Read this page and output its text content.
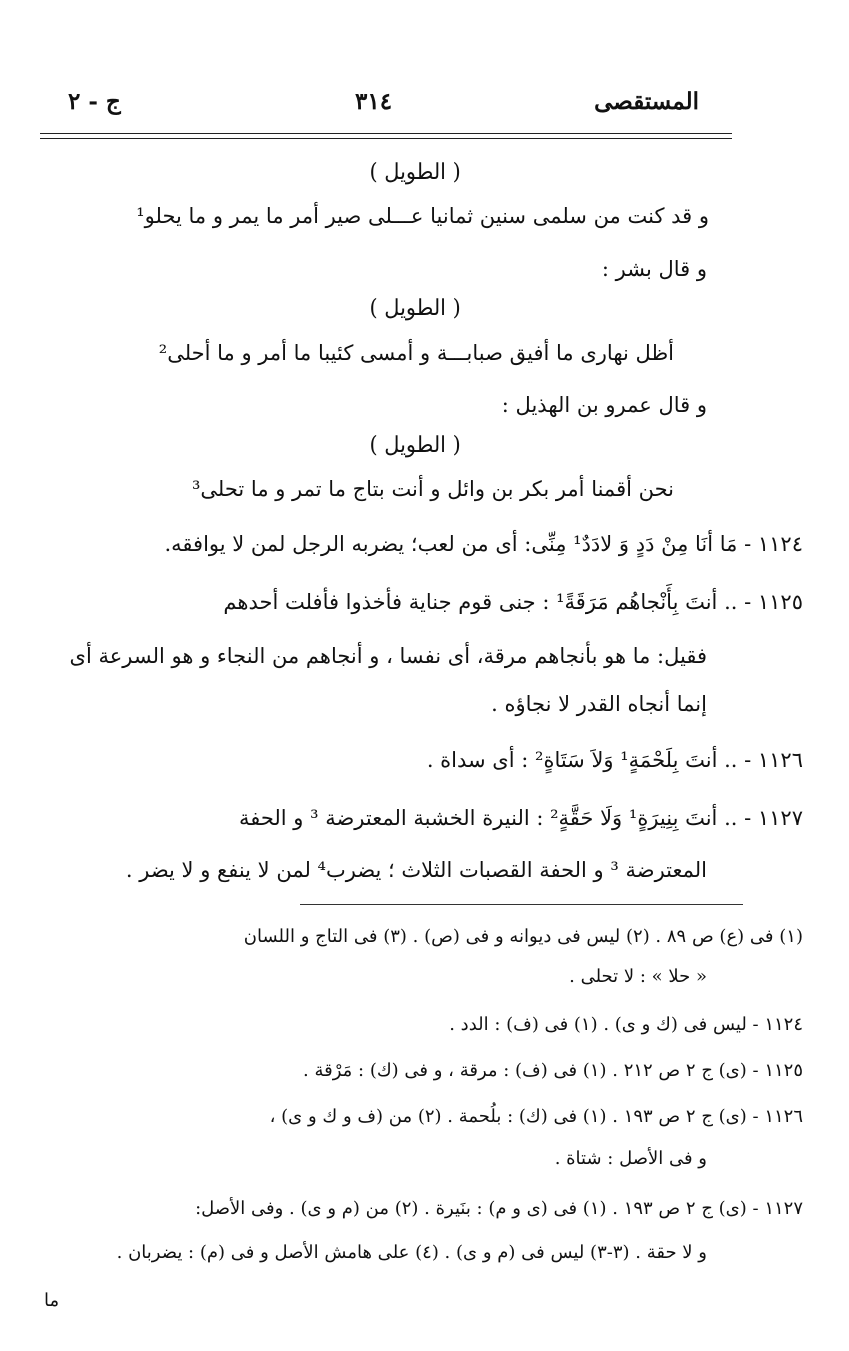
المستقصى
٣١٤
ج - ٢
( الطويل )
و قد كنت من سلمى سنين ثمانيا عـــلى صير أمر ما يمر و ما يحلو¹
و قال بشر :
( الطويل )
أظل نهارى ما أفيق صبابـــة و أمسى كئيبا ما أمر و ما أحلى²
و قال عمرو بن الهذيل :
( الطويل )
نحن أقمنا أمر بكر بن وائل و أنت بتاج ما تمر و ما تحلى³
١١٢٤ - مَا أنَا مِنْ دَدٍ وَ لادَدٌ¹ مِنِّى: أى من لعب؛ يضربه الرجل لمن لا يوافقه.
١١٢٥ - .. أنتَ بِأَنْجاهُم مَرَقَةً¹ : جنى قوم جناية فأخذوا فأفلت أحدهم
فقيل: ما هو بأنجاهم مرقة، أى نفسا ، و أنجاهم من النجاء و هو السرعة أى
إنما أنجاه القدر لا نجاؤه .
١١٢٦ - .. أنتَ بِلَحْمَةٍ¹ وَلاَ سَتَاةٍ² : أى سداة .
١١٢٧ - .. أنتَ بِنِيرَةٍ¹ وَلَا حَقَّةٍ² : النيرة الخشبة المعترضة ³ و الحفة
المعترضة ³ و الحفة القصبات الثلاث ؛ يضرب⁴ لمن لا ينفع و لا يضر .
(١) فى (ع) ص ٨٩ . (٢) ليس فى ديوانه و فى (ص) . (٣) فى التاج و اللسان
« حلا » : لا تحلى .
١١٢٤ - ليس فى (ك و ى) . (١) فى (ف) : الدد .
١١٢٥ - (ى) ج ٢ ص ٢١٢ . (١) فى (ف) : مرقة ، و فى (ك) : مَرْقة .
١١٢٦ - (ى) ج ٢ ص ١٩٣ . (١) فى (ك) : بلُحمة . (٢) من (ف و ك و ى) ،
و فى الأصل : شتاة .
١١٢٧ - (ى) ج ٢ ص ١٩٣ . (١) فى (ى و م) : بنَيرة . (٢) من (م و ى) . وفى الأصل:
و لا حقة . (٣-٣) ليس فى (م و ى) . (٤) على هامش الأصل و فى (م) : يضربان .
ما
